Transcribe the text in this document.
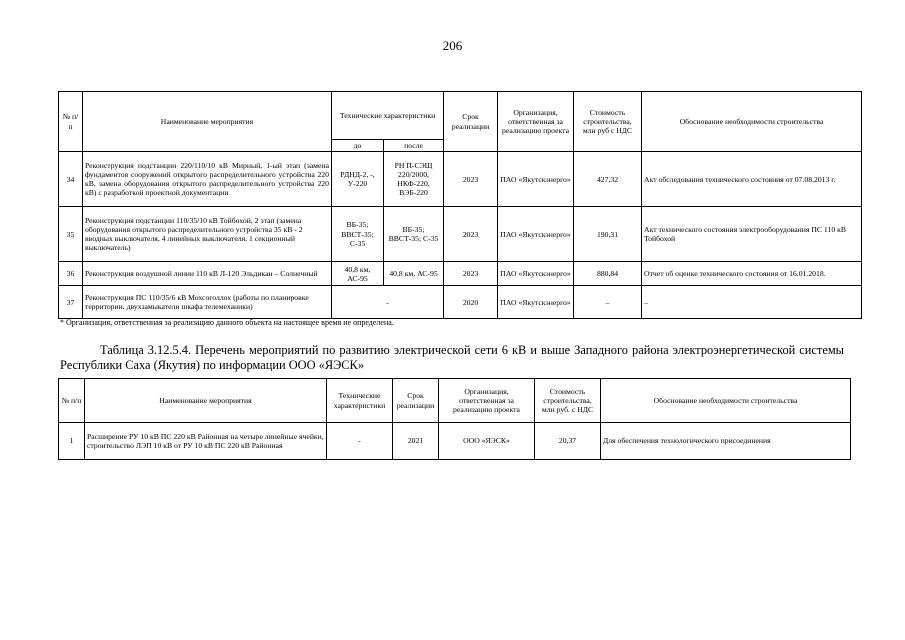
206
№ п/п	Наименование мероприятия	Технические характеристики		Срок реализации	Организация, ответственная за реализацию проекта	Стоимость строительства, млн руб с НДС	Обоснование необходимости строительства
		до	после				
34	Реконструкция подстанции 220/110/10 кВ Мирный, 1-ый этап (замена фундаментов сооружений открытого распределительного устройства 220 кВ, замена оборудования открытого распределительного устройства 220 кВ) с разработкой проектной документации	РДНД-2, -, У-220	РН П-СЭЩ 220/2000, НКФ-220, ВЭБ-220	2023	ПАО «Якутскэнерго»	427,32	Акт обследования технического состояния от 07.08.2013 г.
35	Реконструкция подстанции 110/35/10 кВ Тойбохой, 2 этап (замена оборудования открытого распределительного устройства 35 кВ - 2 вводных выключателя, 4 линейных выключателя, 1 секционный выключатель)	ВБ-35; ВВСТ-35; С-35	ВБ-35; ВВСТ-35; С-35	2023	ПАО «Якутскэнерго»	190,31	Акт технического состояния электрооборудования ПС 110 кВ Тойбохой
36	Реконструкция воздушной линии 110 кВ Л-120 Эльдикан – Солнечный	40,8 км, АС-95	40,8 км, АС-95	2023	ПАО «Якутскэнерго»	880,84	Отчет об оценке технического состояния от 16.01.2018.
37	Реконструкция ПС 110/35/6 кВ Мохсоголлох (работы по планировке территории, двухзамыкатели шкафа телемеханики)	-		2020	ПАО «Якутскэнерго»	–	–
* Организация, ответственная за реализацию данного объекта на настоящее время не определена.
Таблица 3.12.5.4. Перечень мероприятий по развитию электрической сети 6 кВ и выше Западного района электроэнергетической системы Республики Саха (Якутия) по информации ООО «ЯЭСК»
№ п/п	Наименование мероприятия	Технические характеристики	Срок реализации	Организация, ответственная за реализацию проекта	Стоимость строительства, млн руб. с НДС	Обоснование необходимости строительства
1	Расширение РУ 10 кВ ПС 220 кВ Районная на четыре линейные ячейки, строительство ЛЭП 10 кВ от РУ 10 кВ ПС 220 кВ Районная	-	2021	ООО «ЯЭСК»	20,37	Для обеспечения технологического присоединения
